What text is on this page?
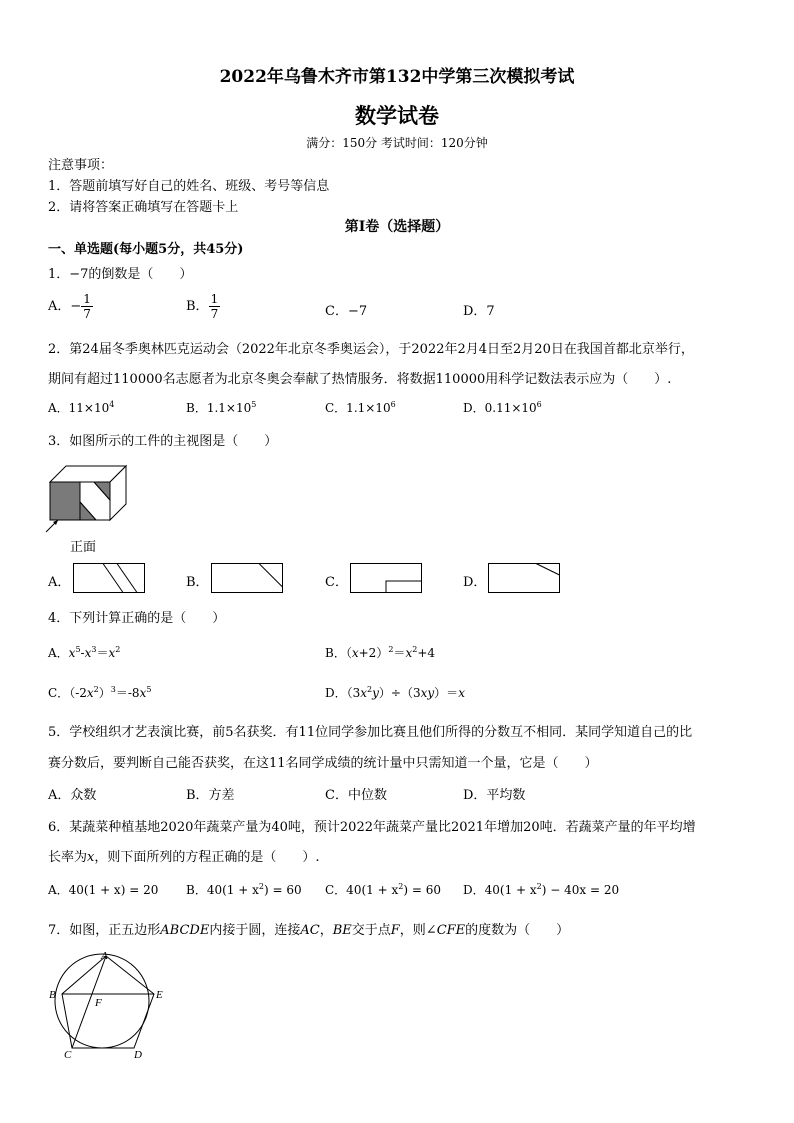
2022年乌鲁木齐市第132中学第三次模拟考试
数学试卷
满分：150分 考试时间：120分钟
注意事项：
1．答题前填写好自己的姓名、班级、考号等信息
2．请将答案正确填写在答题卡上
第I卷（选择题）
一、单选题(每小题5分，共45分)
1．−7的倒数是（　　）
A．− $\frac{1}{7}$	B． $\frac{1}{7}$	C．−7	D．7
2．第24届冬季奥林匹克运动会（2022年北京冬季奥运会），于2022年2月4日至2月20日在我国首都北京举行，
期间有超过110000名志愿者为北京冬奥会奉献了热情服务．将数据110000用科学记数法表示应为（　　）.
A．$11\times 10^4$	B．$1.1\times 10^5$	C．$1.1\times 10^6$	D．$0.11\times 10^6$
3．如图所示的工件的主视图是（　　）
正面
A．	B．	C．	D．
4．下列计算正确的是（　　）
A．$x^5-x^3=x^2$	B．$(x+2)^2=x^2+4$
C．$(-2x^2)^3=-8x^5$	D．$(3x^2y)\div(3xy)=x$
5．学校组织才艺表演比赛，前5名获奖．有11位同学参加比赛且他们所得的分数互不相同．某同学知道自己的比
赛分数后，要判断自己能否获奖，在这11名同学成绩的统计量中只需知道一个量，它是（　　）
A．众数	B．方差	C．中位数	D．平均数
6．某蔬菜种植基地2020年蔬菜产量为40吨，预计2022年蔬菜产量比2021年增加20吨．若蔬菜产量的年平均增
长率为x，则下面所列的方程正确的是（　　）.
A．40(1 + x) = 20 B．$40(1 + x^2) = 60$ C．$40(1 + x^2) = 60$ D．$40(1 + x^2) - 40x = 20$
7．如图，正五边形ABCDE内接于圆，连接AC，BE交于点F，则∠CFE的度数为（　　）
A
B
C	D
E
F
